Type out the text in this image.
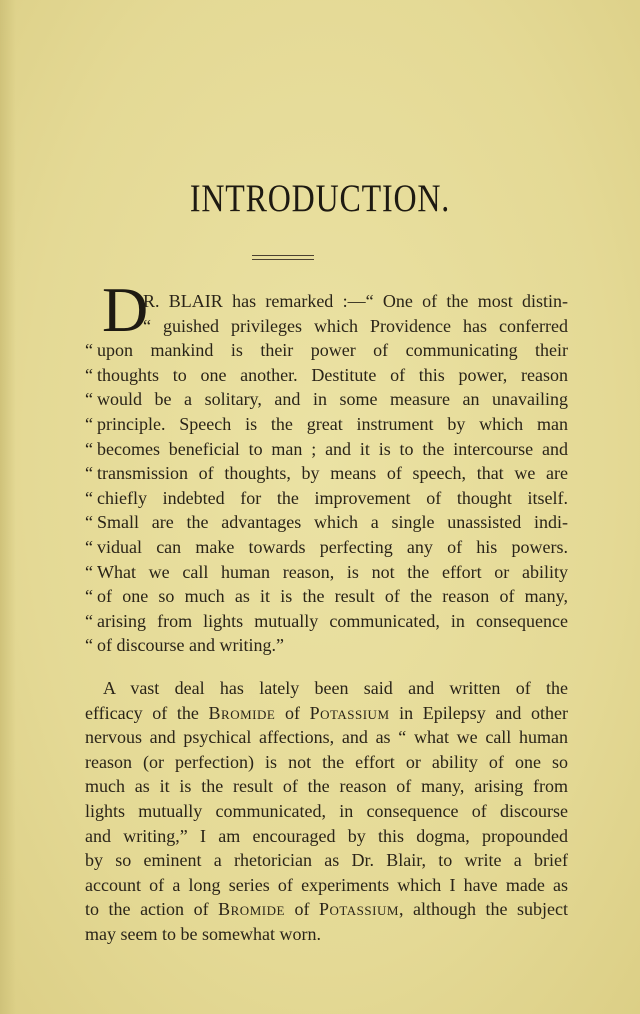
INTRODUCTION.
D
R. BLAIR has remarked :—“ One of the most distin-
“ guished privileges which Providence has conferred
“ upon mankind is their power of communicating their
“ thoughts to one another. Destitute of this power, reason
“ would be a solitary, and in some measure an unavailing
“ principle. Speech is the great instrument by which man
“ becomes beneficial to man ; and it is to the intercourse and
“ transmission of thoughts, by means of speech, that we are
“ chiefly indebted for the improvement of thought itself.
“ Small are the advantages which a single unassisted indi-
“ vidual can make towards perfecting any of his powers.
“ What we call human reason, is not the effort or ability
“ of one so much as it is the result of the reason of many,
“ arising from lights mutually communicated, in consequence
“ of discourse and writing.”
A vast deal has lately been said and written of the
efficacy of the Bromide of Potassium in Epilepsy and other
nervous and psychical affections, and as “ what we call human
reason (or perfection) is not the effort or ability of one so
much as it is the result of the reason of many, arising from
lights mutually communicated, in consequence of discourse
and writing,” I am encouraged by this dogma, propounded
by so eminent a rhetorician as Dr. Blair, to write a brief
account of a long series of experiments which I have made as
to the action of Bromide of Potassium, although the subject
may seem to be somewhat worn.
